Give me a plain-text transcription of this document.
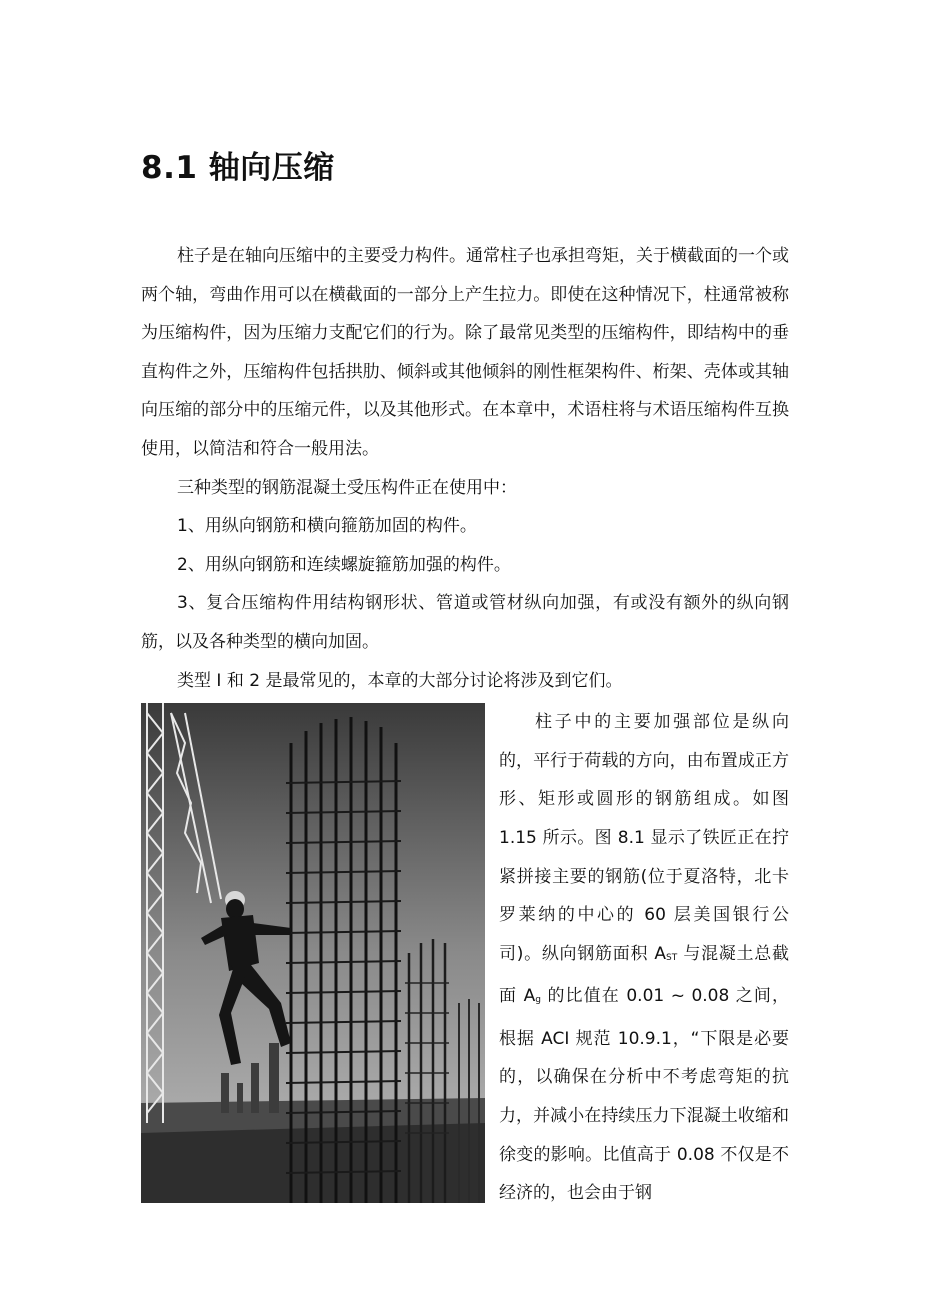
8.1 轴向压缩

柱子是在轴向压缩中的主要受力构件。通常柱子也承担弯矩，关于横截面的一个或两个轴，弯曲作用可以在横截面的一部分上产生拉力。即使在这种情况下，柱通常被称为压缩构件，因为压缩力支配它们的行为。除了最常见类型的压缩构件，即结构中的垂直构件之外，压缩构件包括拱肋、倾斜或其他倾斜的刚性框架构件、桁架、壳体或其轴向压缩的部分中的压缩元件，以及其他形式。在本章中，术语柱将与术语压缩构件互换使用，以简洁和符合一般用法。

三种类型的钢筋混凝土受压构件正在使用中：

1、用纵向钢筋和横向箍筋加固的构件。

2、用纵向钢筋和连续螺旋箍筋加强的构件。

3、复合压缩构件用结构钢形状、管道或管材纵向加强，有或没有额外的纵向钢筋，以及各种类型的横向加固。

类型 I 和 2 是最常见的，本章的大部分讨论将涉及到它们。

柱子中的主要加强部位是纵向的，平行于荷载的方向，由布置成正方形、矩形或圆形的钢筋组成。如图 1.15 所示。图 8.1 显示了铁匠正在拧紧拼接主要的钢筋(位于夏洛特，北卡罗莱纳的中心的 60 层美国银行公司)。纵向钢筋面积 $A_{ST}$ 与混凝土总截面 $A_g$ 的比值在 0.01 ~ 0.08 之间，根据 ACI 规范 10.9.1，“下限是必要的，以确保在分析中不考虑弯矩的抗力，并减小在持续压力下混凝土收缩和徐变的影响。比值高于 0.08 不仅是不经济的，也会由于钢
